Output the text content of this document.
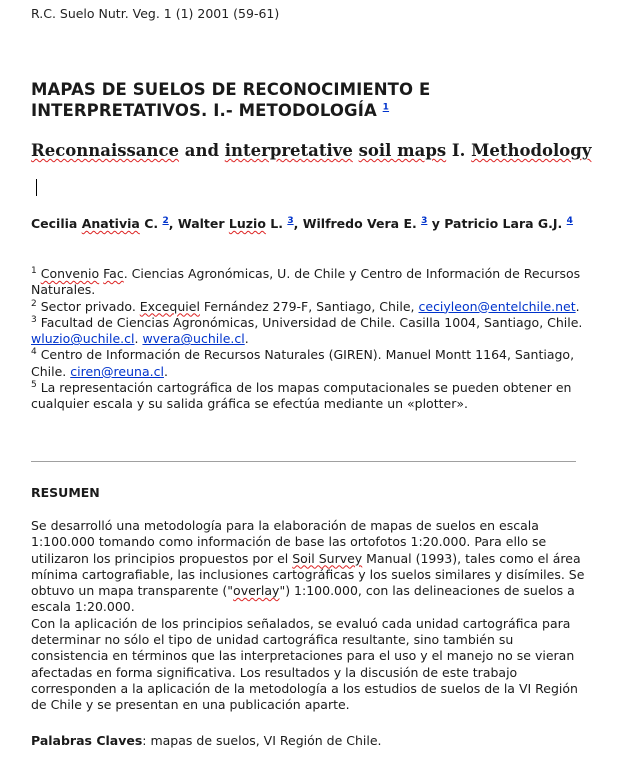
R.C. Suelo Nutr. Veg. 1 (1) 2001 (59-61)
MAPAS DE SUELOS DE RECONOCIMIENTO E
INTERPRETATIVOS. I.- METODOLOGÍA $^1$
Reconnaissance and interpretative soil maps I. Methodology

Cecilia Anativia C. $^2$, Walter Luzio L. $^3$, Wilfredo Vera E. $^3$ y Patricio Lara G.J. $^4$

$^1$ Convenio Fac. Ciencias Agronómicas, U. de Chile y Centro de Información de Recursos Naturales.

$^2$ Sector privado. Excequiel Fernández 279-F, Santiago, Chile, ceciyleon@entelchile.net.

$^3$ Facultad de Ciencias Agronómicas, Universidad de Chile. Casilla 1004, Santiago, Chile. wluzio@uchile.cl. wvera@uchile.cl.

$^4$ Centro de Información de Recursos Naturales (GIREN). Manuel Montt 1164, Santiago, Chile. ciren@reuna.cl.

$^5$ La representación cartográfica de los mapas computacionales se pueden obtener en cualquier escala y su salida gráfica se efectúa mediante un «plotter».

RESUMEN

Se desarrolló una metodología para la elaboración de mapas de suelos en escala 1:100.000 tomando como información de base las ortofotos 1:20.000. Para ello se utilizaron los principios propuestos por el Soil Survey Manual (1993), tales como el área mínima cartografiable, las inclusiones cartográficas y los suelos similares y disímiles. Se obtuvo un mapa transparente ("overlay") 1:100.000, con las delineaciones de suelos a escala 1:20.000.

Con la aplicación de los principios señalados, se evaluó cada unidad cartográfica para determinar no sólo el tipo de unidad cartográfica resultante, sino también su consistencia en términos que las interpretaciones para el uso y el manejo no se vieran afectadas en forma significativa. Los resultados y la discusión de este trabajo corresponden a la aplicación de la metodología a los estudios de suelos de la VI Región de Chile y se presentan en una publicación aparte.

Palabras Claves: mapas de suelos, VI Región de Chile.
